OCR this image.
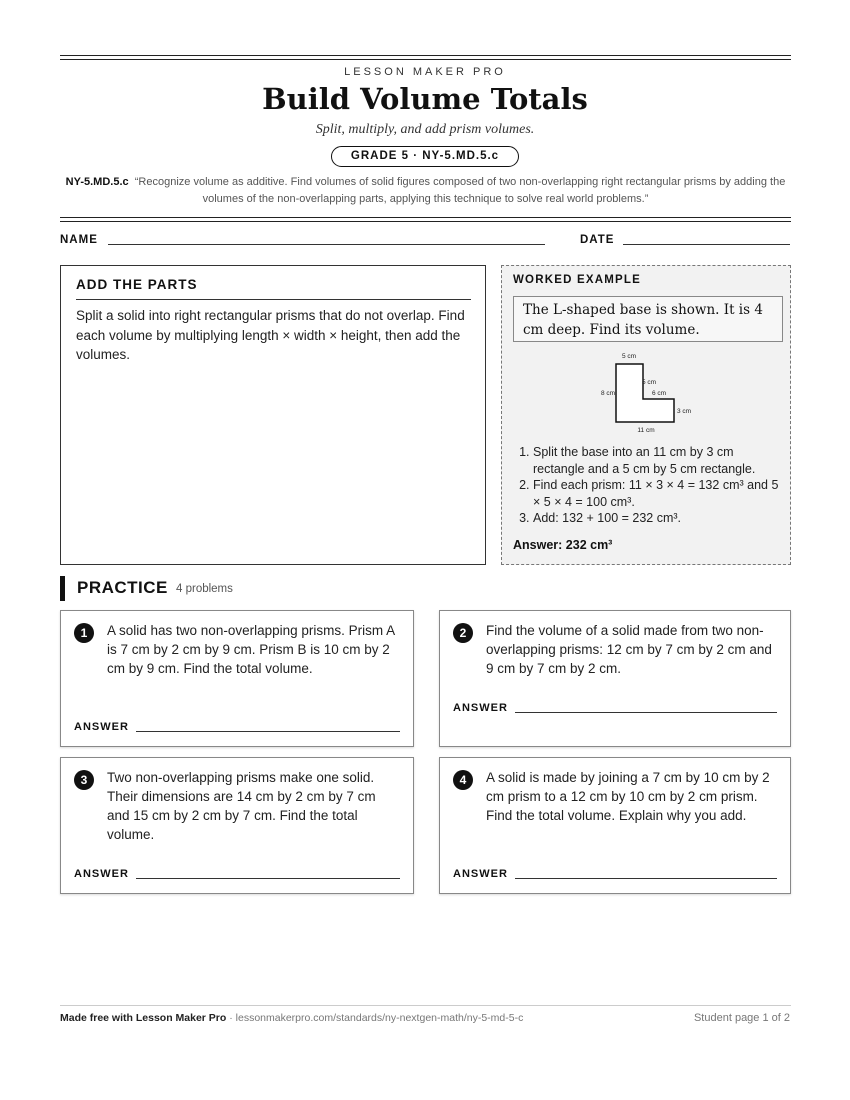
LESSON MAKER PRO
Build Volume Totals
Split, multiply, and add prism volumes.
GRADE 5 · NY-5.MD.5.c
NY-5.MD.5.c “Recognize volume as additive. Find volumes of solid figures composed of two non-overlapping right rectangular prisms by adding the volumes of the non-overlapping parts, applying this technique to solve real world problems.”
NAME	DATE
ADD THE PARTS

Split a solid into right rectangular prisms that do not overlap. Find each volume by multiplying length × width × height, then add the volumes.

WORKED EXAMPLE
The L-shaped base is shown. It is 4 cm deep. Find its volume.
5 cm
5 cm
6 cm
8 cm
3 cm
11 cm
1. Split the base into an 11 cm by 3 cm rectangle and a 5 cm by 5 cm rectangle.
2. Find each prism: 11 × 3 × 4 = 132 cm³ and 5 × 5 × 4 = 100 cm³.
3. Add: 132 + 100 = 232 cm³.
Answer: 232 cm³
PRACTICE 4 problems
1	A solid has two non-overlapping prisms. Prism A is 7 cm by 2 cm by 9 cm. Prism B is 10 cm by 2 cm by 9 cm. Find the total volume.
ANSWER
2	Find the volume of a solid made from two non-overlapping prisms: 12 cm by 7 cm by 2 cm and 9 cm by 7 cm by 2 cm.
ANSWER
3	Two non-overlapping prisms make one solid. Their dimensions are 14 cm by 2 cm by 7 cm and 15 cm by 2 cm by 7 cm. Find the total volume.
ANSWER
4	A solid is made by joining a 7 cm by 10 cm by 2 cm prism to a 12 cm by 10 cm by 2 cm prism. Find the total volume. Explain why you add.
ANSWER
Made free with Lesson Maker Pro · lessonmakerpro.com/standards/ny-nextgen-math/ny-5-md-5-c	Student page 1 of 2
